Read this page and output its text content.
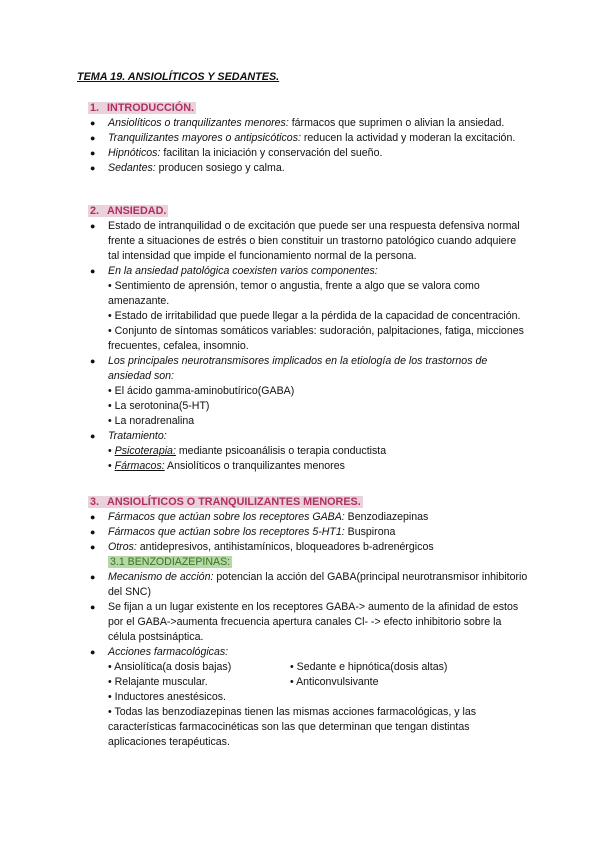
TEMA 19. ANSIOLÍTICOS Y SEDANTES.
1. INTRODUCCIÓN.
● Ansiolíticos o tranquilizantes menores: fármacos que suprimen o alivian la ansiedad.
● Tranquilizantes mayores o antipsicóticos: reducen la actividad y moderan la excitación.
● Hipnóticos: facilitan la iniciación y conservación del sueño.
● Sedantes: producen sosiego y calma.
2. ANSIEDAD.
● Estado de intranquilidad o de excitación que puede ser una respuesta defensiva normal frente a situaciones de estrés o bien constituir un trastorno patológico cuando adquiere tal intensidad que impide el funcionamiento normal de la persona.
● En la ansiedad patológica coexisten varios componentes:
• Sentimiento de aprensión, temor o angustia, frente a algo que se valora como amenazante.
• Estado de irritabilidad que puede llegar a la pérdida de la capacidad de concentración.
• Conjunto de síntomas somáticos variables: sudoración, palpitaciones, fatiga, micciones frecuentes, cefalea, insomnio.
● Los principales neurotransmisores implicados en la etiología de los trastornos de ansiedad son:
• El ácido gamma-aminobutírico(GABA)
• La serotonina(5-HT)
• La noradrenalina
● Tratamiento:
• Psicoterapia: mediante psicoanálisis o terapia conductista
• Fármacos: Ansiolíticos o tranquilizantes menores
3. ANSIOLÍTICOS O TRANQUILIZANTES MENORES.
● Fármacos que actúan sobre los receptores GABA: Benzodiazepinas
● Fármacos que actúan sobre los receptores 5-HT1: Buspirona
● Otros: antidepresivos, antihistamínicos, bloqueadores b-adrenérgicos
3.1 BENZODIAZEPINAS:
● Mecanismo de acción: potencian la acción del GABA(principal neurotransmisor inhibitorio del SNC)
● Se fijan a un lugar existente en los receptores GABA-> aumento de la afinidad de estos por el GABA->aumenta frecuencia apertura canales Cl- -> efecto inhibitorio sobre la célula postsináptica.
● Acciones farmacológicas:
• Ansiolítica(a dosis bajas)	• Sedante e hipnótica(dosis altas)
• Relajante muscular.	• Anticonvulsivante
• Inductores anestésicos.
• Todas las benzodiazepinas tienen las mismas acciones farmacológicas, y las características farmacocinéticas son las que determinan que tengan distintas aplicaciones terapéuticas.
